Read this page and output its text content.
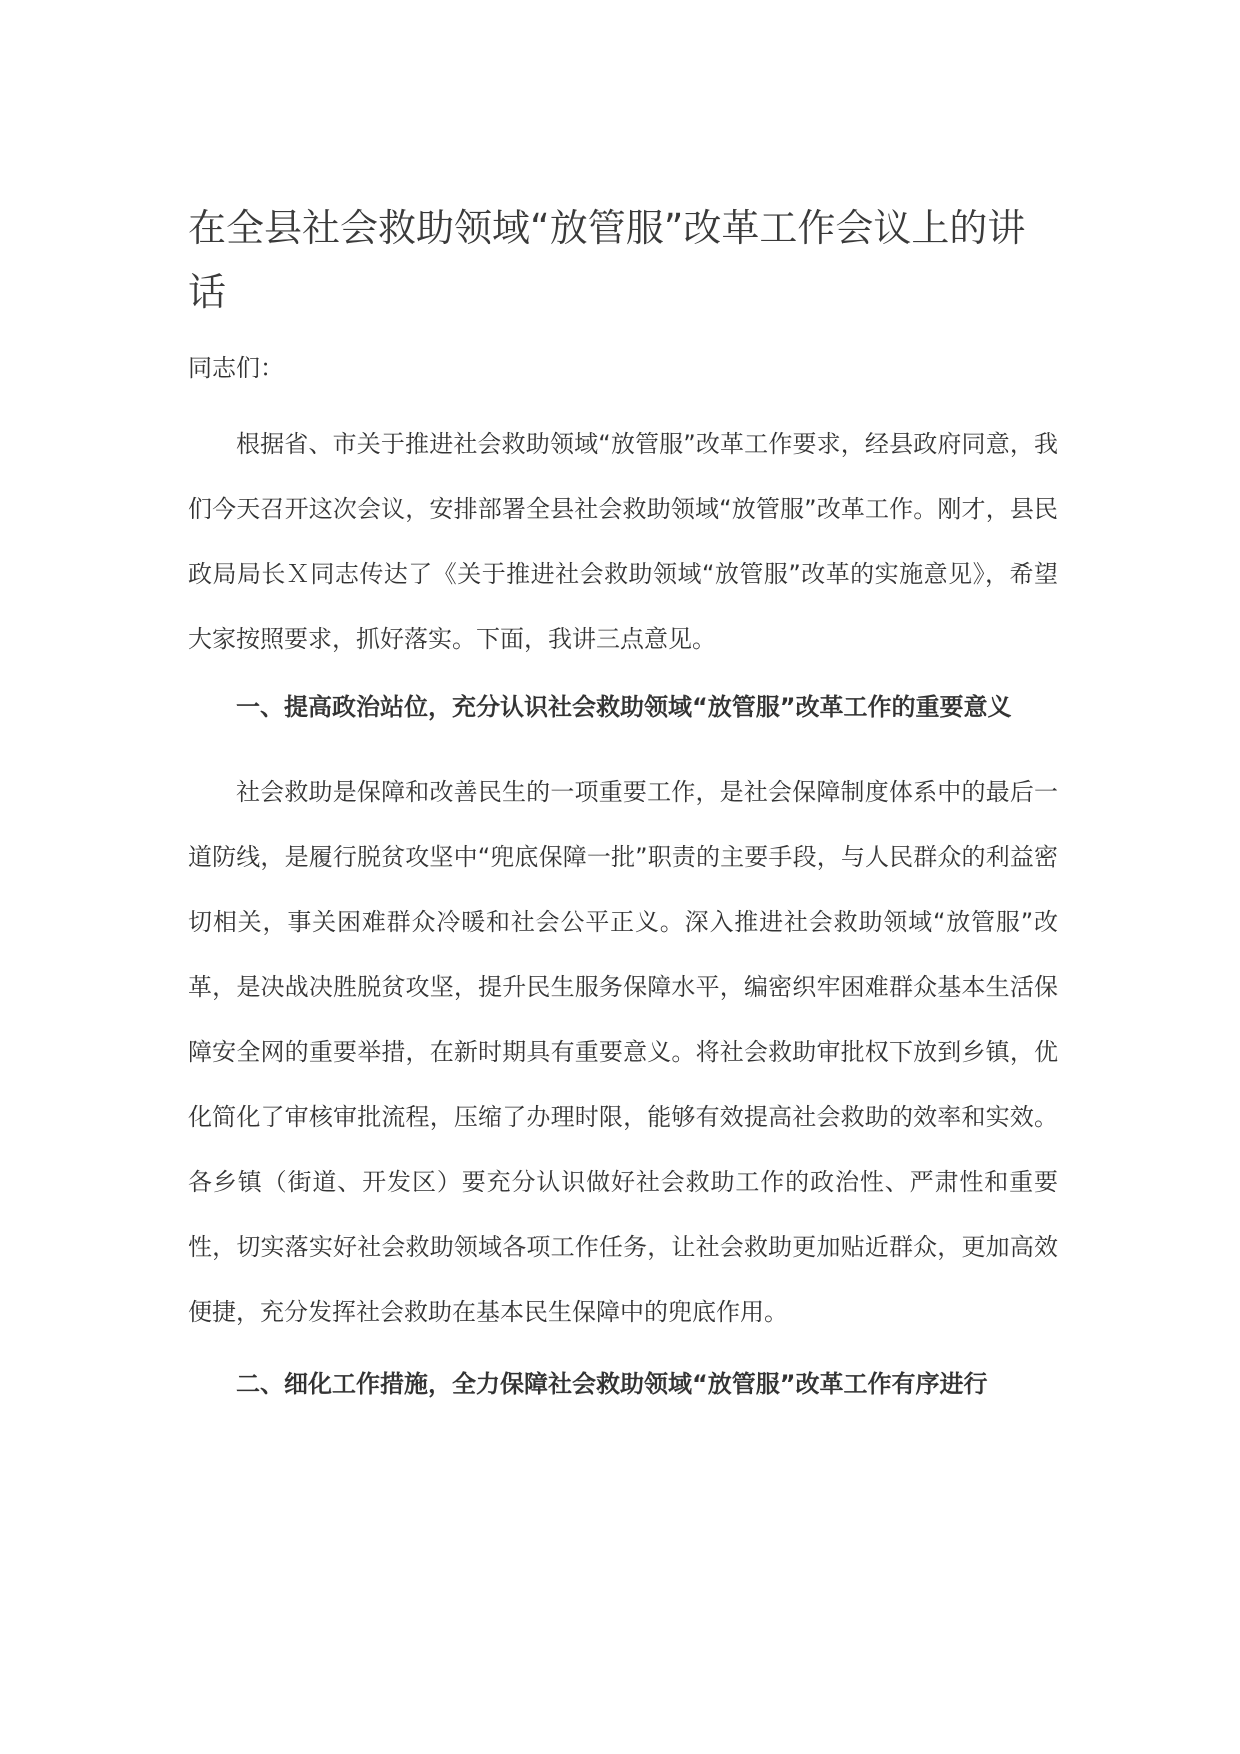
在全县社会救助领域“放管服”改革工作会议上的讲话

同志们：

根据省、市关于推进社会救助领域“放管服”改革工作要求，经县政府同意，我们今天召开这次会议，安排部署全县社会救助领域“放管服”改革工作。刚才，县民政局局长Ｘ同志传达了《关于推进社会救助领域“放管服”改革的实施意见》，希望大家按照要求，抓好落实。下面，我讲三点意见。

一、提高政治站位，充分认识社会救助领域“放管服”改革工作的重要意义

社会救助是保障和改善民生的一项重要工作，是社会保障制度体系中的最后一道防线，是履行脱贫攻坚中“兜底保障一批”职责的主要手段，与人民群众的利益密切相关，事关困难群众冷暖和社会公平正义。深入推进社会救助领域“放管服”改革，是决战决胜脱贫攻坚，提升民生服务保障水平，编密织牢困难群众基本生活保障安全网的重要举措，在新时期具有重要意义。将社会救助审批权下放到乡镇，优化简化了审核审批流程，压缩了办理时限，能够有效提高社会救助的效率和实效。各乡镇（街道、开发区）要充分认识做好社会救助工作的政治性、严肃性和重要性，切实落实好社会救助领域各项工作任务，让社会救助更加贴近群众，更加高效便捷，充分发挥社会救助在基本民生保障中的兜底作用。

二、细化工作措施，全力保障社会救助领域“放管服”改革工作有序进行
